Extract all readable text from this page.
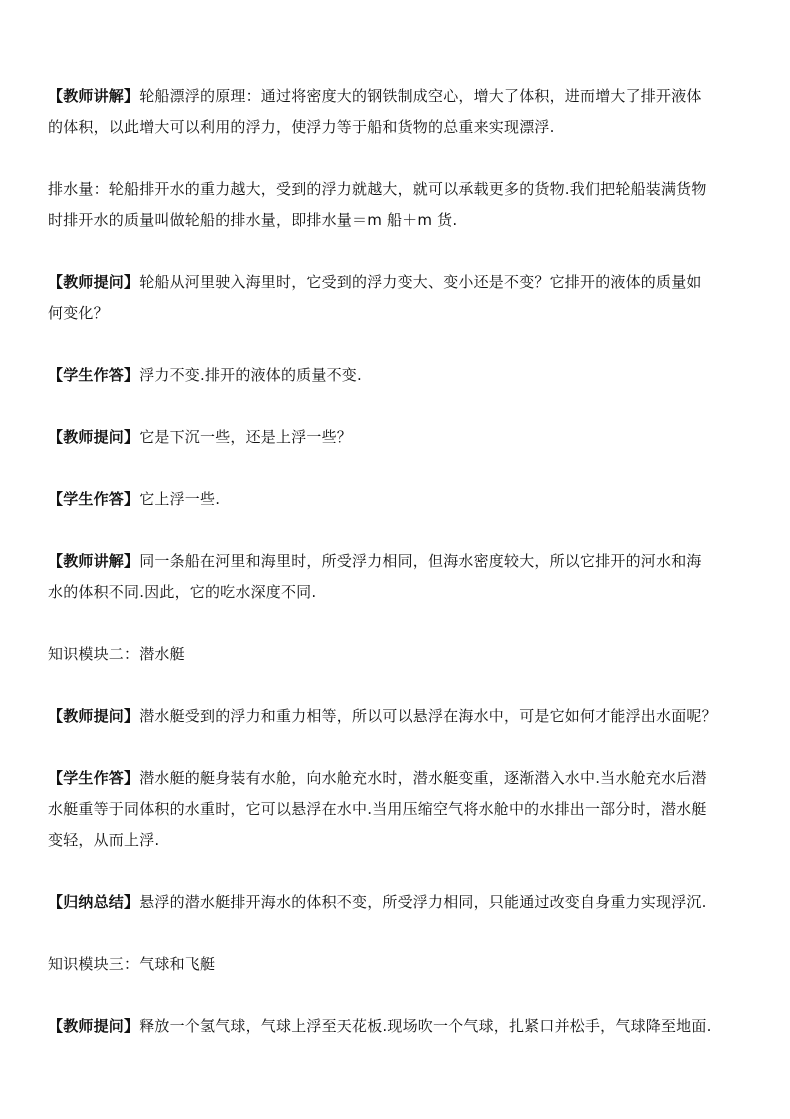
【教师讲解】轮船漂浮的原理：通过将密度大的钢铁制成空心，增大了体积，进而增大了排开液体
的体积，以此增大可以利用的浮力，使浮力等于船和货物的总重来实现漂浮.

排水量：轮船排开水的重力越大，受到的浮力就越大，就可以承载更多的货物.我们把轮船装满货物
时排开水的质量叫做轮船的排水量，即排水量＝m 船＋m 货.

【教师提问】轮船从河里驶入海里时，它受到的浮力变大、变小还是不变？它排开的液体的质量如
何变化？

【学生作答】浮力不变.排开的液体的质量不变.

【教师提问】它是下沉一些，还是上浮一些？

【学生作答】它上浮一些.

【教师讲解】同一条船在河里和海里时，所受浮力相同，但海水密度较大，所以它排开的河水和海
水的体积不同.因此，它的吃水深度不同.

知识模块二：潜水艇

【教师提问】潜水艇受到的浮力和重力相等，所以可以悬浮在海水中，可是它如何才能浮出水面呢？

【学生作答】潜水艇的艇身装有水舱，向水舱充水时，潜水艇变重，逐渐潜入水中.当水舱充水后潜
水艇重等于同体积的水重时，它可以悬浮在水中.当用压缩空气将水舱中的水排出一部分时，潜水艇
变轻，从而上浮.

【归纳总结】悬浮的潜水艇排开海水的体积不变，所受浮力相同，只能通过改变自身重力实现浮沉.

知识模块三：气球和飞艇

【教师提问】释放一个氢气球，气球上浮至天花板.现场吹一个气球，扎紧口并松手，气球降至地面.
